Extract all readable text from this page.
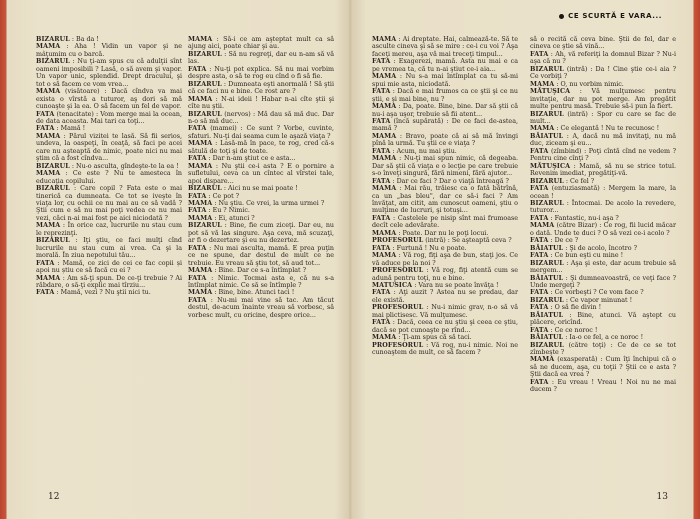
BIZARUL : Ba da !

MAMA : Aha ! Vidin un vapor şi ne mâţumim cu o barcă.

BIZARUL : Nu ţi-am spus cu că adulţii sînt oameni imposibili ? Lasă, o să avem şi vapor. Un vapor unic, splendid. Drept dracului, şi tot o să facem ce vom vrea...

MAMA (visătoare) : Dacă cîndva va mai exista o vîrstă a tuturor, aş dori să mă cunoaşte şi la ea. O să facem un fel de vapor.

FATA (tenacitate) : Vom merge mai la ocean, de data aceasta. Mai tari ca toţi...

FATA : Mamă !

MAMA : Părul vizitei te lasă. Să fii serios, undeva, la oaspeţi, în ceaţă, să faci pe acei care nu aşteaptă de nimic, poate nici nu mai ştim că a fost cîndva...

BIZARUL : Nu-o asculta, gîndeşte-te la ea !

MAMA : Ce este ? Nu te amesteca în educaţia copilului.

BIZARUL : Care copil ? Fata este o mai tinerică ca dumneata. Ce tot se iveşte în viaţa lor, cu ochii ce nu mai au ce să vadă ? Ştii cum e să nu mai poţi vedea ce nu mai vezi, căci n-ai mai fost pe aici niciodată ?

MAMA : În orice caz, lucrurile nu stau cum le reprezinţi.

BIZARUL : Iţi ştiu, ce faci mulţi cînd lucrurile nu stau cum ai vrea. Ca şi la morală. În ziua nepotului tău...

FATA : Mamă, ce zici de cei ce fac copii și apoi nu știu ce să facă cu ei ?

MAMA : Am să-ţi spun. De ce-ţi trebuie ? Ai răbdare, o să-ţi explic mai tîrziu...

FATA : Mamă, vezi ? Nu ştii nici tu.

MAMA : Să-i ce am aşteptat mult ca să ajung aici, poate chiar şi au.

BIZARUL : Să nu regreţi, dar eu n-am să vă las.

FATA : Nu-ţi pot explica. Să nu mai vorbim despre asta, o să te rog eu cînd o fi să fie.

BIZARUL : Dumneata eşti anormală ! Să ştii că ce faci nu e bine. Ce rost are ?

MAMA : N-ai ideii ! Habar n-ai cîte ştii şi cîte nu ştii.

BIZARUL (nervos) : Mă dau să mă duc. Dar n-o să mă duc...

FATA (mamei) : Ce sunt ? Vorbe, cuvinte, sfaturi. Nu-ţi dai seama cum le aşază viaţa ?

MAMA : Lasă-mă în pace, te rog, cred că-s sătulă de toţi şi de toate.

FATA : Dar n-am ştiut ce e asta...

MAMA : Nu ştii ce-i asta ? E o pornire a sufletului, ceva ca un cîntec al vîrstei tale, apoi dispare...

BIZARUL : Aici nu se mai poate !

FATA : Ce pot ?

MAMA : Nu ştiu. Ce vrei, la urma urmei ?

FATA : Eu ? Nimic.

MAMA : Ei, atunci ?

BIZARUL : Bine, fie cum ziceţi. Dar eu, nu pot să vă las singure. Aşa ceva, mă scuzaţi, ar fi o dezertare şi eu nu dezertez.

FATA : Nu mai asculta, mamă. E prea puţin ce ne spune, dar destul de mult ce ne trebuie. Eu vreau să ştiu tot, să aud tot...

MAMA : Bine. Dar ce s-a întîmplat ?

FATA : Nimic. Tocmai asta e, că nu s-a întîmplat nimic. Ce să se întîmple ?

MAMA : Bine, bine. Atunci taci !

FATA : Nu-mi mai vine să tac. Am tăcut destul, de-acum înainte vreau să vorbesc, să vorbesc mult, cu oricine, despre orice...

12
CE SCURTĂ E VARA...

MAMA : Ai dreptate. Hai, calmează-te. Să te asculte cineva şi să se mire : ce-i cu voi ? Aşa faceţi mereu, aşa vă mai treceţi timpul...

FATA : Exagerezi, mamă. Asta nu mai e ca pe vremea ta, că tu n-ai ştiut ce-i aia...

MAMA : Nu s-a mai întîmplat ca tu să-mi spui mie asta, niciodată.

FATA : Dacă e mai frumos ca ce ştii şi ce nu ştii, e şi mai bine, nu ?

MAMA : Da, poate. Bine, bine. Dar să ştii că nu-i aşa uşor, trebuie să fii atent...

FATA (încă supărată) : De ce faci de-astea, mamă ?

MAMA : Bravo, poate că ai să mă învingi pînă la urmă. Tu ştii ce e viaţa ?

FATA : Acum, nu mai ştiu.

MAMA : Nu-ţi mai spun nimic, că degeaba. Dar să ştii că viaţa e o lecţie pe care trebuie s-o înveţi singură, fără nimeni, fără ajutor...

FATA : Dar ce faci ? Dar o viaţă întreagă ?

MAMA : Mai rău, trăiesc ca o fată bătrînă, ca un „bas bleu", dar ce să-i faci ? Am învăţat, am citit, am cunoscut oameni, ştiu o mulţime de lucruri, şi totuşi...

FATA : Castelele pe nisip sînt mai frumoase decît cele adevărate.

MAMA : Poate. Dar nu le poţi locui.

PROFESORUL (intră) : Se aşteaptă ceva ?

FATA : Furtună ! Nu e poate.

MAMA : Vă rog, fiţi aşa de bun, staţi jos. Ce vă aduce pe la noi ?

PROFESORUL : Vă rog, fiţi atentă cum se adună pentru toţi, nu e bine.

MATUSICA : Vara nu se poate învăţa !

FATA : Aţi auzit ? Astea nu se predau, dar ele există.

PROFESORUL : Nu-i nimic grav, n-o să vă mai plictisesc. Vă mulţumesc.

FATA : Dacă, ceea ce nu ştiu şi ceea ce ştiu, dacă se pot cunoaşte pe rînd...

MAMA : Ţi-am spus că să taci.

PROFESORUL : Vă rog, nu-i nimic. Noi ne cunoaştem de mult, ce să facem ?

să o recită că ceva bine. Ştii de fel, dar e cineva ce ştie să vină...

FATA : Ah, vă referiţi la domnul Bizar ? Nu-i aşa că nu ?

BIZARUL (intră) : Da ! Cine ştie ce-i aia ? Ce vorbiţi ?

MAMA : O, nu vorbim nimic.

MĂTUŞICA : Vă mulţumesc pentru invitaţie, dar nu pot merge. Am pregătit multe pentru masă. Trebuie să-i pun la fiert.

BIZARUL (intră) : Spor cu care se fac de mult...

MAMA : Ce elegantă ! Nu te recunosc !

BĂIATUL : A, dacă nu mă invitaţi, nu mă duc, ziceam şi eu...

FATA (zîmbind) : Poţi cîntă cînd ne vedem ? Pentru cine cînţi ?

MĂTUŞICA : Mamă, să nu se strice totul. Revenim imediat, pregătiţi-vă.

BIZARUL : Ce fel ?

FATA (entuziasmată) : Mergem la mare, la ocean !

BIZARUL : Întocmai. De acolo la revedere, tuturor...

FATA : Fantastic, nu-i aşa ?

MAMA (către Bizar) : Ce rog, fii lucid măcar o dată. Unde te duci ? O să vezi ce-i acolo ?

FATA : De ce ?

BĂIATUL : Şi de acolo, încotro ?

FATA : Ce bun eşti cu mine !

BIZARUL : Aşa şi este, dar acum trebuie să mergem...

BĂIATUL : Şi dumneavoastră, ce veţi face ? Unde mergeţi ?

FATA : Ce vorbeşti ? Ce vom face ?

BIZARUL : Ce vapor minunat !

FATA : O să fie divin !

BĂIATUL : Bine, atunci. Vă aştept cu plăcere, oricînd.

FATA : Ce ce noroc !

BĂIATUL : Ia-o ce fel, a ce noroc !

BIZARUL (către toţi) : Ce de ce se tot zîmbeşte ?

MAMA (exasperată) : Cum îţi închipui că o să ne ducem, aşa, cu toţii ? Ştii ce e asta ? Ştii dacă ea vrea ?

FATA : Eu vreau ! Vreau ! Noi nu ne mai ducem ?

13
